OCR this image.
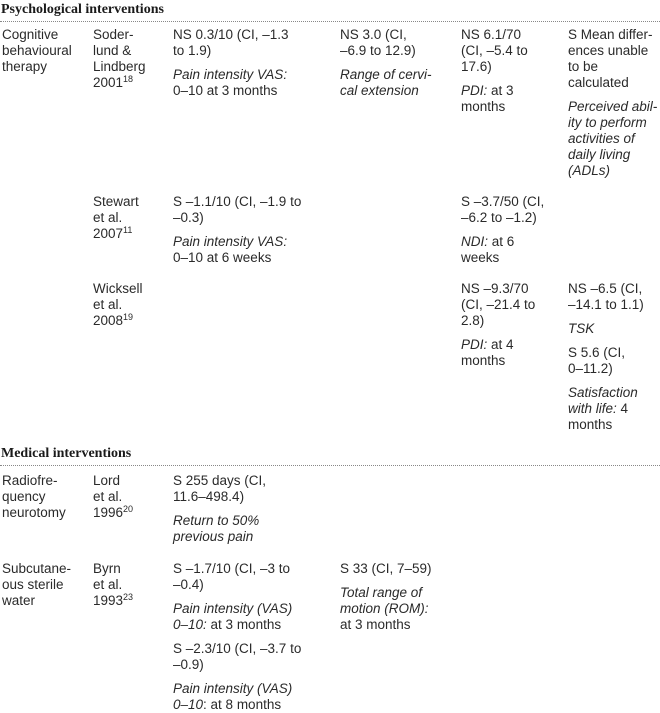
Psychological interventions
Cognitive
behavioural
therapy
Soder-
lund &
Lindberg
2001$^{18}$
NS 0.3/10 (CI, –1.3
to 1.9)
Pain intensity VAS:
0–10 at 3 months
NS 3.0 (CI,
–6.9 to 12.9)
Range of cervi-
cal extension
NS 6.1/70
(CI, –5.4 to
17.6)
PDI: at 3
months
S Mean differ-
ences unable
to be
calculated
Perceived abil-
ity to perform
activities of
daily living
(ADLs)
Stewart
et al.
2007$^{11}$
S –1.1/10 (CI, –1.9 to
–0.3)
Pain intensity VAS:
0–10 at 6 weeks
S –3.7/50 (CI,
–6.2 to –1.2)
NDI: at 6
weeks
Wicksell
et al.
2008$^{19}$
NS –9.3/70
(CI, –21.4 to
2.8)
PDI: at 4
months
NS –6.5 (CI,
–14.1 to 1.1)
TSK
S 5.6 (CI,
0–11.2)
Satisfaction
with life: 4
months
Medical interventions
Radiofre-
quency
neurotomy
Lord
et al.
1996$^{20}$
S 255 days (CI,
11.6–498.4)
Return to 50%
previous pain
Subcutane-
ous sterile
water
Byrn
et al.
1993$^{23}$
S –1.7/10 (CI, –3 to
–0.4)
Pain intensity (VAS)
0–10: at 3 months
S –2.3/10 (CI, –3.7 to
–0.9)
Pain intensity (VAS)
0–10: at 8 months
S 33 (CI, 7–59)
Total range of
motion (ROM):
at 3 months
